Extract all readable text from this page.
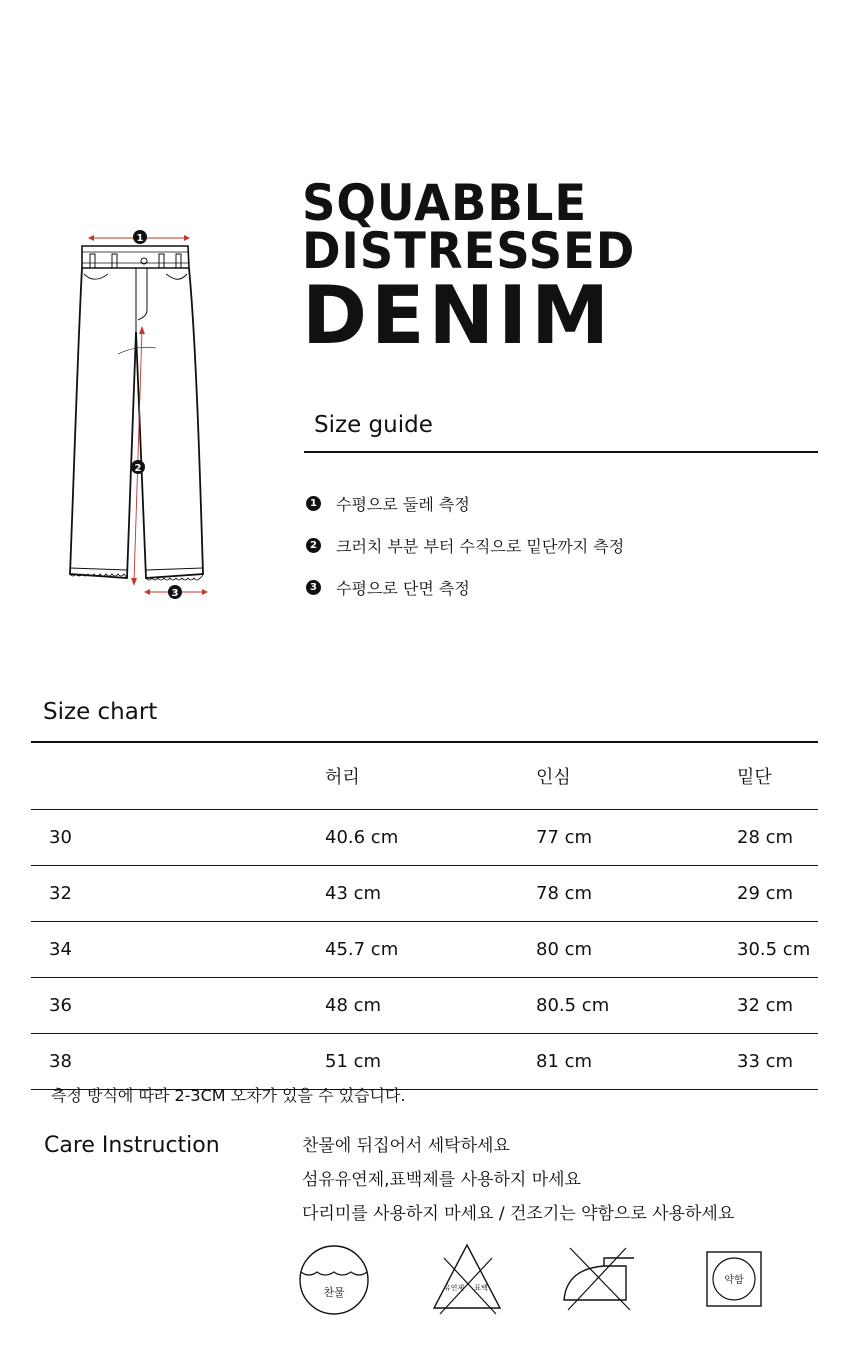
SQUABBLE
DISTRESSED
DENIM
1
2
3
Size guide
1 수평으로 둘레 측정
2 크러치 부분 부터 수직으로 밑단까지 측정
3 수평으로 단면 측정
Size chart
	허리	인심	밑단
30	40.6 cm	77 cm	28 cm
32	43 cm	78 cm	29 cm
34	45.7 cm	80 cm	30.5 cm
36	48 cm	80.5 cm	32 cm
38	51 cm	81 cm	33 cm
측정 방식에 따라 2-3CM 오차가 있을 수 있습니다.
Care Instruction	찬물에 뒤집어서 세탁하세요
섬유유연제,표백제를 사용하지 마세요
다리미를 사용하지 마세요 / 건조기는 약함으로 사용하세요
찬물	유연제 표백
약함
